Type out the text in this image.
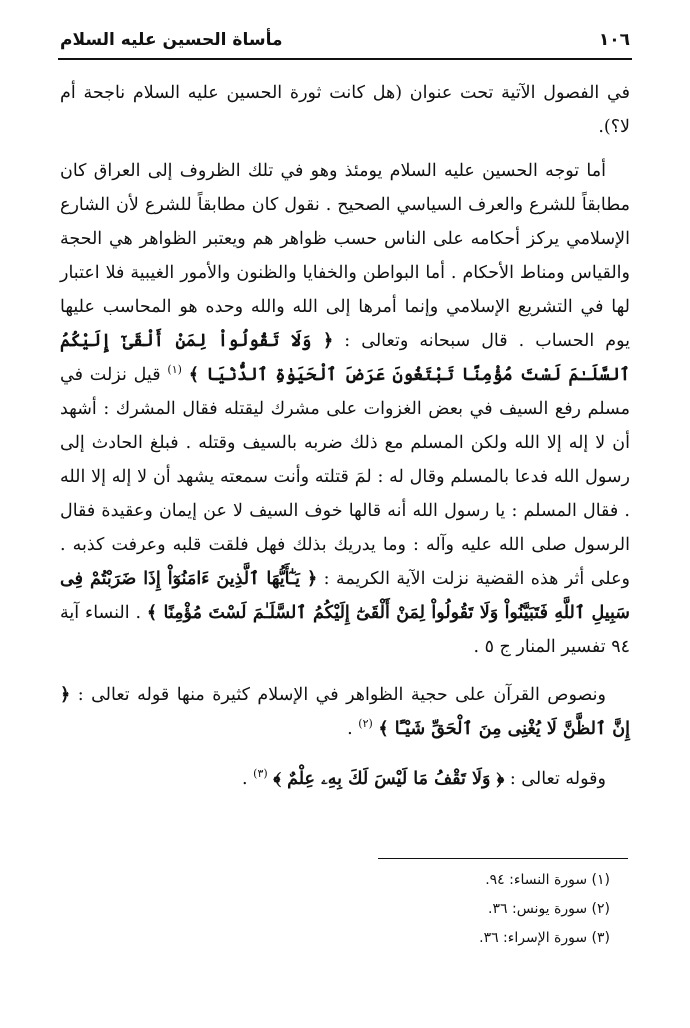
١٠٦
مأساة الحسين عليه السلام

في الفصول الآتية تحت عنوان (هل كانت ثورة الحسين عليه السلام ناجحة أم لا؟).

أما توجه الحسين عليه السلام يومئذ وهو في تلك الظروف إلى العراق كان مطابقاً للشرع والعرف السياسي الصحيح . نقول كان مطابقاً للشرع لأن الشارع الإسلامي يركز أحكامه على الناس حسب ظواهر هم ويعتبر الظواهر هي الحجة والقياس ومناط الأحكام . أما البواطن والخفايا والظنون والأمور الغيبية فلا اعتبار لها في التشريع الإسلامي وإنما أمرها إلى الله والله وحده هو المحاسب عليها يوم الحساب . قال سبحانه وتعالى : ﴿ وَلَا تَقُولُواْ لِمَنْ أَلْقَىٰٓ إِلَيْكُمُ ٱلسَّلَـٰمَ لَسْتَ مُؤْمِنًا تَبْتَغُونَ عَرَضَ ٱلْحَيَوٰةِ ٱلدُّنْيَا ﴾ $^{(١)}$ قيل نزلت في مسلم رفع السيف في بعض الغزوات على مشرك ليقتله فقال المشرك : أشهد أن لا إله إلا الله ولكن المسلم مع ذلك ضربه بالسيف وقتله . فبلغ الحادث إلى رسول الله فدعا بالمسلم وقال له : لمَ قتلته وأنت سمعته يشهد أن لا إله إلا الله . فقال المسلم : يا رسول الله أنه قالها خوف السيف لا عن إيمان وعقيدة فقال الرسول صلى الله عليه وآله : وما يدريك بذلك فهل فلقت قلبه وعرفت كذبه . وعلى أثر هذه القضية نزلت الآية الكريمة : ﴿ يَـٰٓأَيُّهَا ٱلَّذِينَ ءَامَنُوٓاْ إِذَا ضَرَبْتُمْ فِى سَبِيلِ ٱللَّهِ فَتَبَيَّنُواْ وَلَا تَقُولُواْ لِمَنْ أَلْقَىٰٓ إِلَيْكُمُ ٱلسَّلَـٰمَ لَسْتَ مُؤْمِنًا ﴾ . النساء آية ٩٤ تفسير المنار ج ٥ .

ونصوص القرآن على حجية الظواهر في الإسلام كثيرة منها قوله تعالى : ﴿ إِنَّ ٱلظَّنَّ لَا يُغْنِى مِنَ ٱلْحَقِّ شَيْـًٔا ﴾ $^{(٢)}$ .

وقوله تعالى : ﴿ وَلَا تَقْفُ مَا لَيْسَ لَكَ بِهِۦ عِلْمٌ ﴾ $^{(٣)}$ .

(١) سورة النساء: ٩٤.
(٢) سورة يونس: ٣٦.
(٣) سورة الإسراء: ٣٦.
